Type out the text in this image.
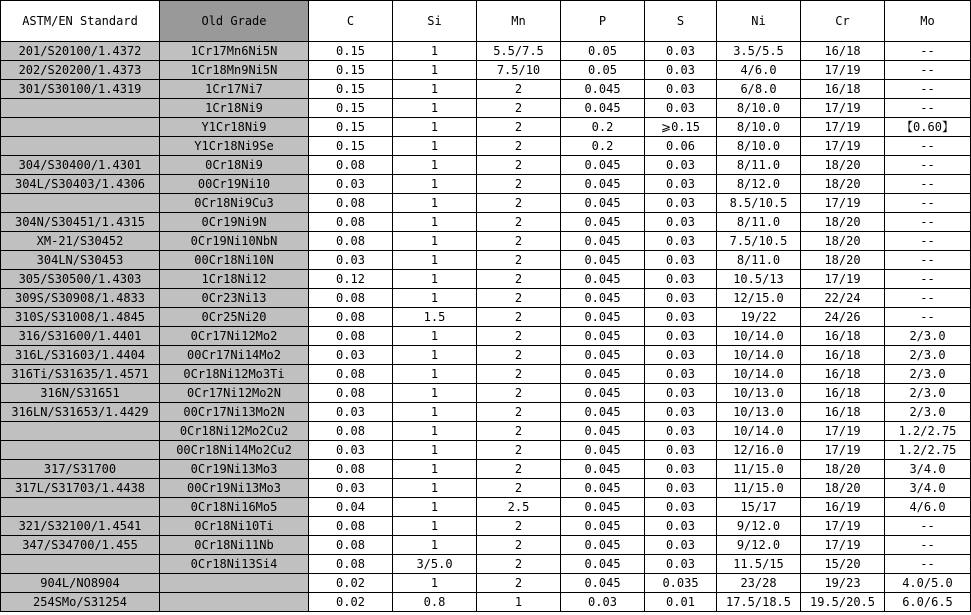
ASTM/EN Standard	Old Grade	C	Si	Mn	P	S	Ni	Cr	Mo
201/S20100/1.4372	1Cr17Mn6Ni5N	0.15	1	5.5/7.5	0.05	0.03	3.5/5.5	16/18	--
202/S20200/1.4373	1Cr18Mn9Ni5N	0.15	1	7.5/10	0.05	0.03	4/6.0	17/19	--
301/S30100/1.4319	1Cr17Ni7	0.15	1	2	0.045	0.03	6/8.0	16/18	--
	1Cr18Ni9	0.15	1	2	0.045	0.03	8/10.0	17/19	--
	Y1Cr18Ni9	0.15	1	2	0.2	⩾0.15	8/10.0	17/19	【0.60】
	Y1Cr18Ni9Se	0.15	1	2	0.2	0.06	8/10.0	17/19	--
304/S30400/1.4301	0Cr18Ni9	0.08	1	2	0.045	0.03	8/11.0	18/20	--
304L/S30403/1.4306	00Cr19Ni10	0.03	1	2	0.045	0.03	8/12.0	18/20	--
	0Cr18Ni9Cu3	0.08	1	2	0.045	0.03	8.5/10.5	17/19	--
304N/S30451/1.4315	0Cr19Ni9N	0.08	1	2	0.045	0.03	8/11.0	18/20	--
XM-21/S30452	0Cr19Ni10NbN	0.08	1	2	0.045	0.03	7.5/10.5	18/20	--
304LN/S30453	00Cr18Ni10N	0.03	1	2	0.045	0.03	8/11.0	18/20	--
305/S30500/1.4303	1Cr18Ni12	0.12	1	2	0.045	0.03	10.5/13	17/19	--
309S/S30908/1.4833	0Cr23Ni13	0.08	1	2	0.045	0.03	12/15.0	22/24	--
310S/S31008/1.4845	0Cr25Ni20	0.08	1.5	2	0.045	0.03	19/22	24/26	--
316/S31600/1.4401	0Cr17Ni12Mo2	0.08	1	2	0.045	0.03	10/14.0	16/18	2/3.0
316L/S31603/1.4404	00Cr17Ni14Mo2	0.03	1	2	0.045	0.03	10/14.0	16/18	2/3.0
316Ti/S31635/1.4571	0Cr18Ni12Mo3Ti	0.08	1	2	0.045	0.03	10/14.0	16/18	2/3.0
316N/S31651	0Cr17Ni12Mo2N	0.08	1	2	0.045	0.03	10/13.0	16/18	2/3.0
316LN/S31653/1.4429	00Cr17Ni13Mo2N	0.03	1	2	0.045	0.03	10/13.0	16/18	2/3.0
	0Cr18Ni12Mo2Cu2	0.08	1	2	0.045	0.03	10/14.0	17/19	1.2/2.75
	00Cr18Ni14Mo2Cu2	0.03	1	2	0.045	0.03	12/16.0	17/19	1.2/2.75
317/S31700	0Cr19Ni13Mo3	0.08	1	2	0.045	0.03	11/15.0	18/20	3/4.0
317L/S31703/1.4438	00Cr19Ni13Mo3	0.03	1	2	0.045	0.03	11/15.0	18/20	3/4.0
	0Cr18Ni16Mo5	0.04	1	2.5	0.045	0.03	15/17	16/19	4/6.0
321/S32100/1.4541	0Cr18Ni10Ti	0.08	1	2	0.045	0.03	9/12.0	17/19	--
347/S34700/1.455	0Cr18Ni11Nb	0.08	1	2	0.045	0.03	9/12.0	17/19	--
	0Cr18Ni13Si4	0.08	3/5.0	2	0.045	0.03	11.5/15	15/20	--
904L/NO8904		0.02	1	2	0.045	0.035	23/28	19/23	4.0/5.0
254SMo/S31254		0.02	0.8	1	0.03	0.01	17.5/18.5	19.5/20.5	6.0/6.5
